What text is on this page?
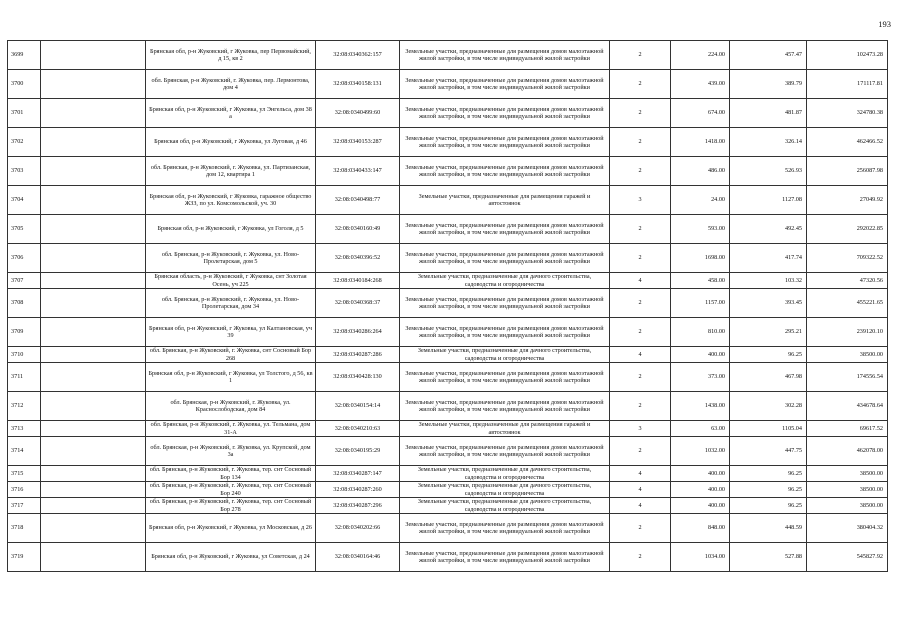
193
3699		Брянская обл, р-н Жуковский, г Жуковка, пер Первомайский, д 15, кв 2	32:08:0340362:157	Земельные участки, предназначенные для размещения домов малоэтажной жилой застройки, в том числе индивидуальной жилой застройки	2	224.00	457.47	102473.28
3700		обл. Брянская, р-н Жуковский, г. Жуковка, пер. Лермонтова, дом 4	32:08:0340158:131	Земельные участки, предназначенные для размещения домов малоэтажной жилой застройки, в том числе индивидуальной жилой застройки	2	439.00	389.79	171117.81
3701		Брянская обл, р-н Жуковский, г Жуковка, ул Энгельса, дом 38 а	32:08:0340499:60	Земельные участки, предназначенные для размещения домов малоэтажной жилой застройки, в том числе индивидуальной жилой застройки	2	674.00	481.87	324780.38
3702		Брянская обл, р-н Жуковский, г Жуковка, ул Луговая, д 46	32:08:0340153:287	Земельные участки, предназначенные для размещения домов малоэтажной жилой застройки, в том числе индивидуальной жилой застройки	2	1418.00	326.14	462466.52
3703		обл. Брянская, р-н Жуковский, г. Жуковка, ул. Партизанская, дом 12, квартира 1	32:08:0340433:147	Земельные участки, предназначенные для размещения домов малоэтажной жилой застройки, в том числе индивидуальной жилой застройки	2	486.00	526.93	256087.98
3704		Брянская обл, р-н Жуковский, г Жуковка, гаражное общество ЖЗЗ, по ул. Комсомольской, уч. 30	32:08:0340498:77	Земельные участки, предназначенные для размещения гаражей и автостоянок	3	24.00	1127.08	27049.92
3705		Брянская обл, р-н Жуковский, г Жуковка, ул Гоголя, д 5	32:08:0340160:49	Земельные участки, предназначенные для размещения домов малоэтажной жилой застройки, в том числе индивидуальной жилой застройки	2	593.00	492.45	292022.85
3706		обл. Брянская, р-н Жуковский, г. Жуковка, ул. Ново-Пролетарская, дом 5	32:08:0340396:52	Земельные участки, предназначенные для размещения домов малоэтажной жилой застройки, в том числе индивидуальной жилой застройки	2	1698.00	417.74	709322.52
3707		Брянская область, р-н Жуковский, г Жуковка, снт Золотая Осень, уч 225	32:08:0340184:268	Земельные участки, предназначенные для дачного строительства, садоводства и огородничества	4	458.00	103.32	47320.56
3708		обл. Брянская, р-н Жуковский, г. Жуковка, ул. Ново-Пролетарская, дом 34	32:08:0340368:37	Земельные участки, предназначенные для размещения домов малоэтажной жилой застройки, в том числе индивидуальной жилой застройки	2	1157.00	393.45	455221.65
3709		Брянская обл, р-н Жуковский, г Жуковка, ул Калтановская, уч 39	32:08:0340286:264	Земельные участки, предназначенные для размещения домов малоэтажной жилой застройки, в том числе индивидуальной жилой застройки	2	810.00	295.21	239120.10
3710		обл. Брянская, р-н Жуковский, г. Жуковка, снт Сосновый Бор 268	32:08:0340287:286	Земельные участки, предназначенные для дачного строительства, садоводства и огородничества	4	400.00	96.25	38500.00
3711		Брянская обл, р-н Жуковский, г Жуковка, ул Толстого, д 56, кв 1	32:08:0340428:130	Земельные участки, предназначенные для размещения домов малоэтажной жилой застройки, в том числе индивидуальной жилой застройки	2	373.00	467.98	174556.54
3712		обл. Брянская, р-н Жуковский, г. Жуковка, ул. Краснослободская, дом 84	32:08:0340154:14	Земельные участки, предназначенные для размещения домов малоэтажной жилой застройки, в том числе индивидуальной жилой застройки	2	1438.00	302.28	434678.64
3713		обл. Брянская, р-н Жуковский, г. Жуковка, ул. Тельмана, дом 31-А	32:08:0340210:63	Земельные участки, предназначенные для размещения гаражей и автостоянок	3	63.00	1105.04	69617.52
3714		обл. Брянская, р-н Жуковский, г. Жуковка, ул. Крупской, дом 3а	32:08:0340195:29	Земельные участки, предназначенные для размещения домов малоэтажной жилой застройки, в том числе индивидуальной жилой застройки	2	1032.00	447.75	462078.00
3715		обл. Брянская, р-н Жуковский, г. Жуковка, тер. снт Сосновый Бор 134	32:08:0340287:147	Земельные участки, предназначенные для дачного строительства, садоводства и огородничества	4	400.00	96.25	38500.00
3716		обл. Брянская, р-н Жуковский, г. Жуковка, тер. снт Сосновый Бор 240	32:08:0340287:260	Земельные участки, предназначенные для дачного строительства, садоводства и огородничества	4	400.00	96.25	38500.00
3717		обл. Брянская, р-н Жуковский, г. Жуковка, тер. снт Сосновый Бор 278	32:08:0340287:296	Земельные участки, предназначенные для дачного строительства, садоводства и огородничества	4	400.00	96.25	38500.00
3718		Брянская обл, р-н Жуковский, г Жуковка, ул Московская, д 26	32:08:0340202:66	Земельные участки, предназначенные для размещения домов малоэтажной жилой застройки, в том числе индивидуальной жилой застройки	2	848.00	448.59	380404.32
3719		Брянская обл, р-н Жуковский, г Жуковка, ул Советская, д 24	32:08:0340164:46	Земельные участки, предназначенные для размещения домов малоэтажной жилой застройки, в том числе индивидуальной жилой застройки	2	1034.00	527.88	545827.92
